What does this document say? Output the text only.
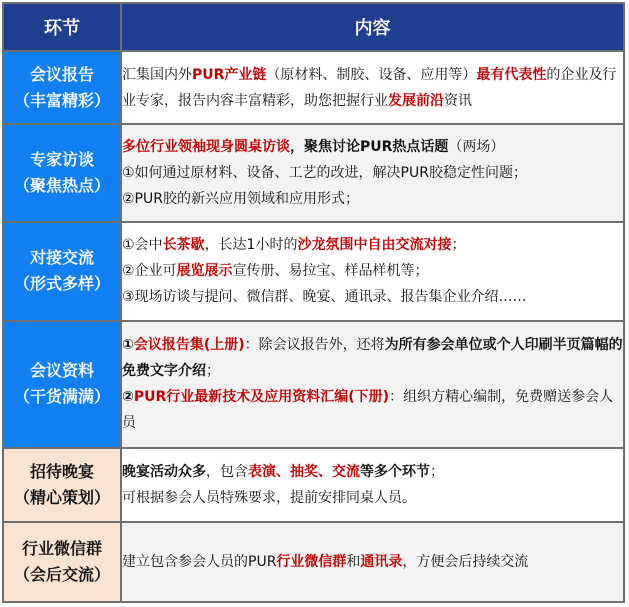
环节	内容

会议报告
（丰富精彩）	汇集国内外PUR产业链（原材料、制胶、设备、应用等）最有代表性的企业及行业专家，报告内容丰富精彩，助您把握行业发展前沿资讯

专家访谈
（聚焦热点）	多位行业领袖现身圆桌访谈，聚焦讨论PUR热点话题（两场）
①如何通过原材料、设备、工艺的改进，解决PUR胶稳定性问题；
②PUR胶的新兴应用领域和应用形式；

对接交流
（形式多样）	①会中长茶歇，长达1小时的沙龙氛围中自由交流对接；
②企业可展览展示宣传册、易拉宝、样品样机等；
③现场访谈与提问、微信群、晚宴、通讯录、报告集企业介绍……

会议资料
（干货满满）	①会议报告集(上册)：除会议报告外，还将为所有参会单位或个人印刷半页篇幅的免费文字介绍；
②PUR行业最新技术及应用资料汇编(下册)：组织方精心编制，免费赠送参会人员

招待晚宴
（精心策划）	晚宴活动众多，包含表演、抽奖、交流等多个环节；
可根据参会人员特殊要求，提前安排同桌人员。

行业微信群
（会后交流）	建立包含参会人员的PUR行业微信群和通讯录，方便会后持续交流
